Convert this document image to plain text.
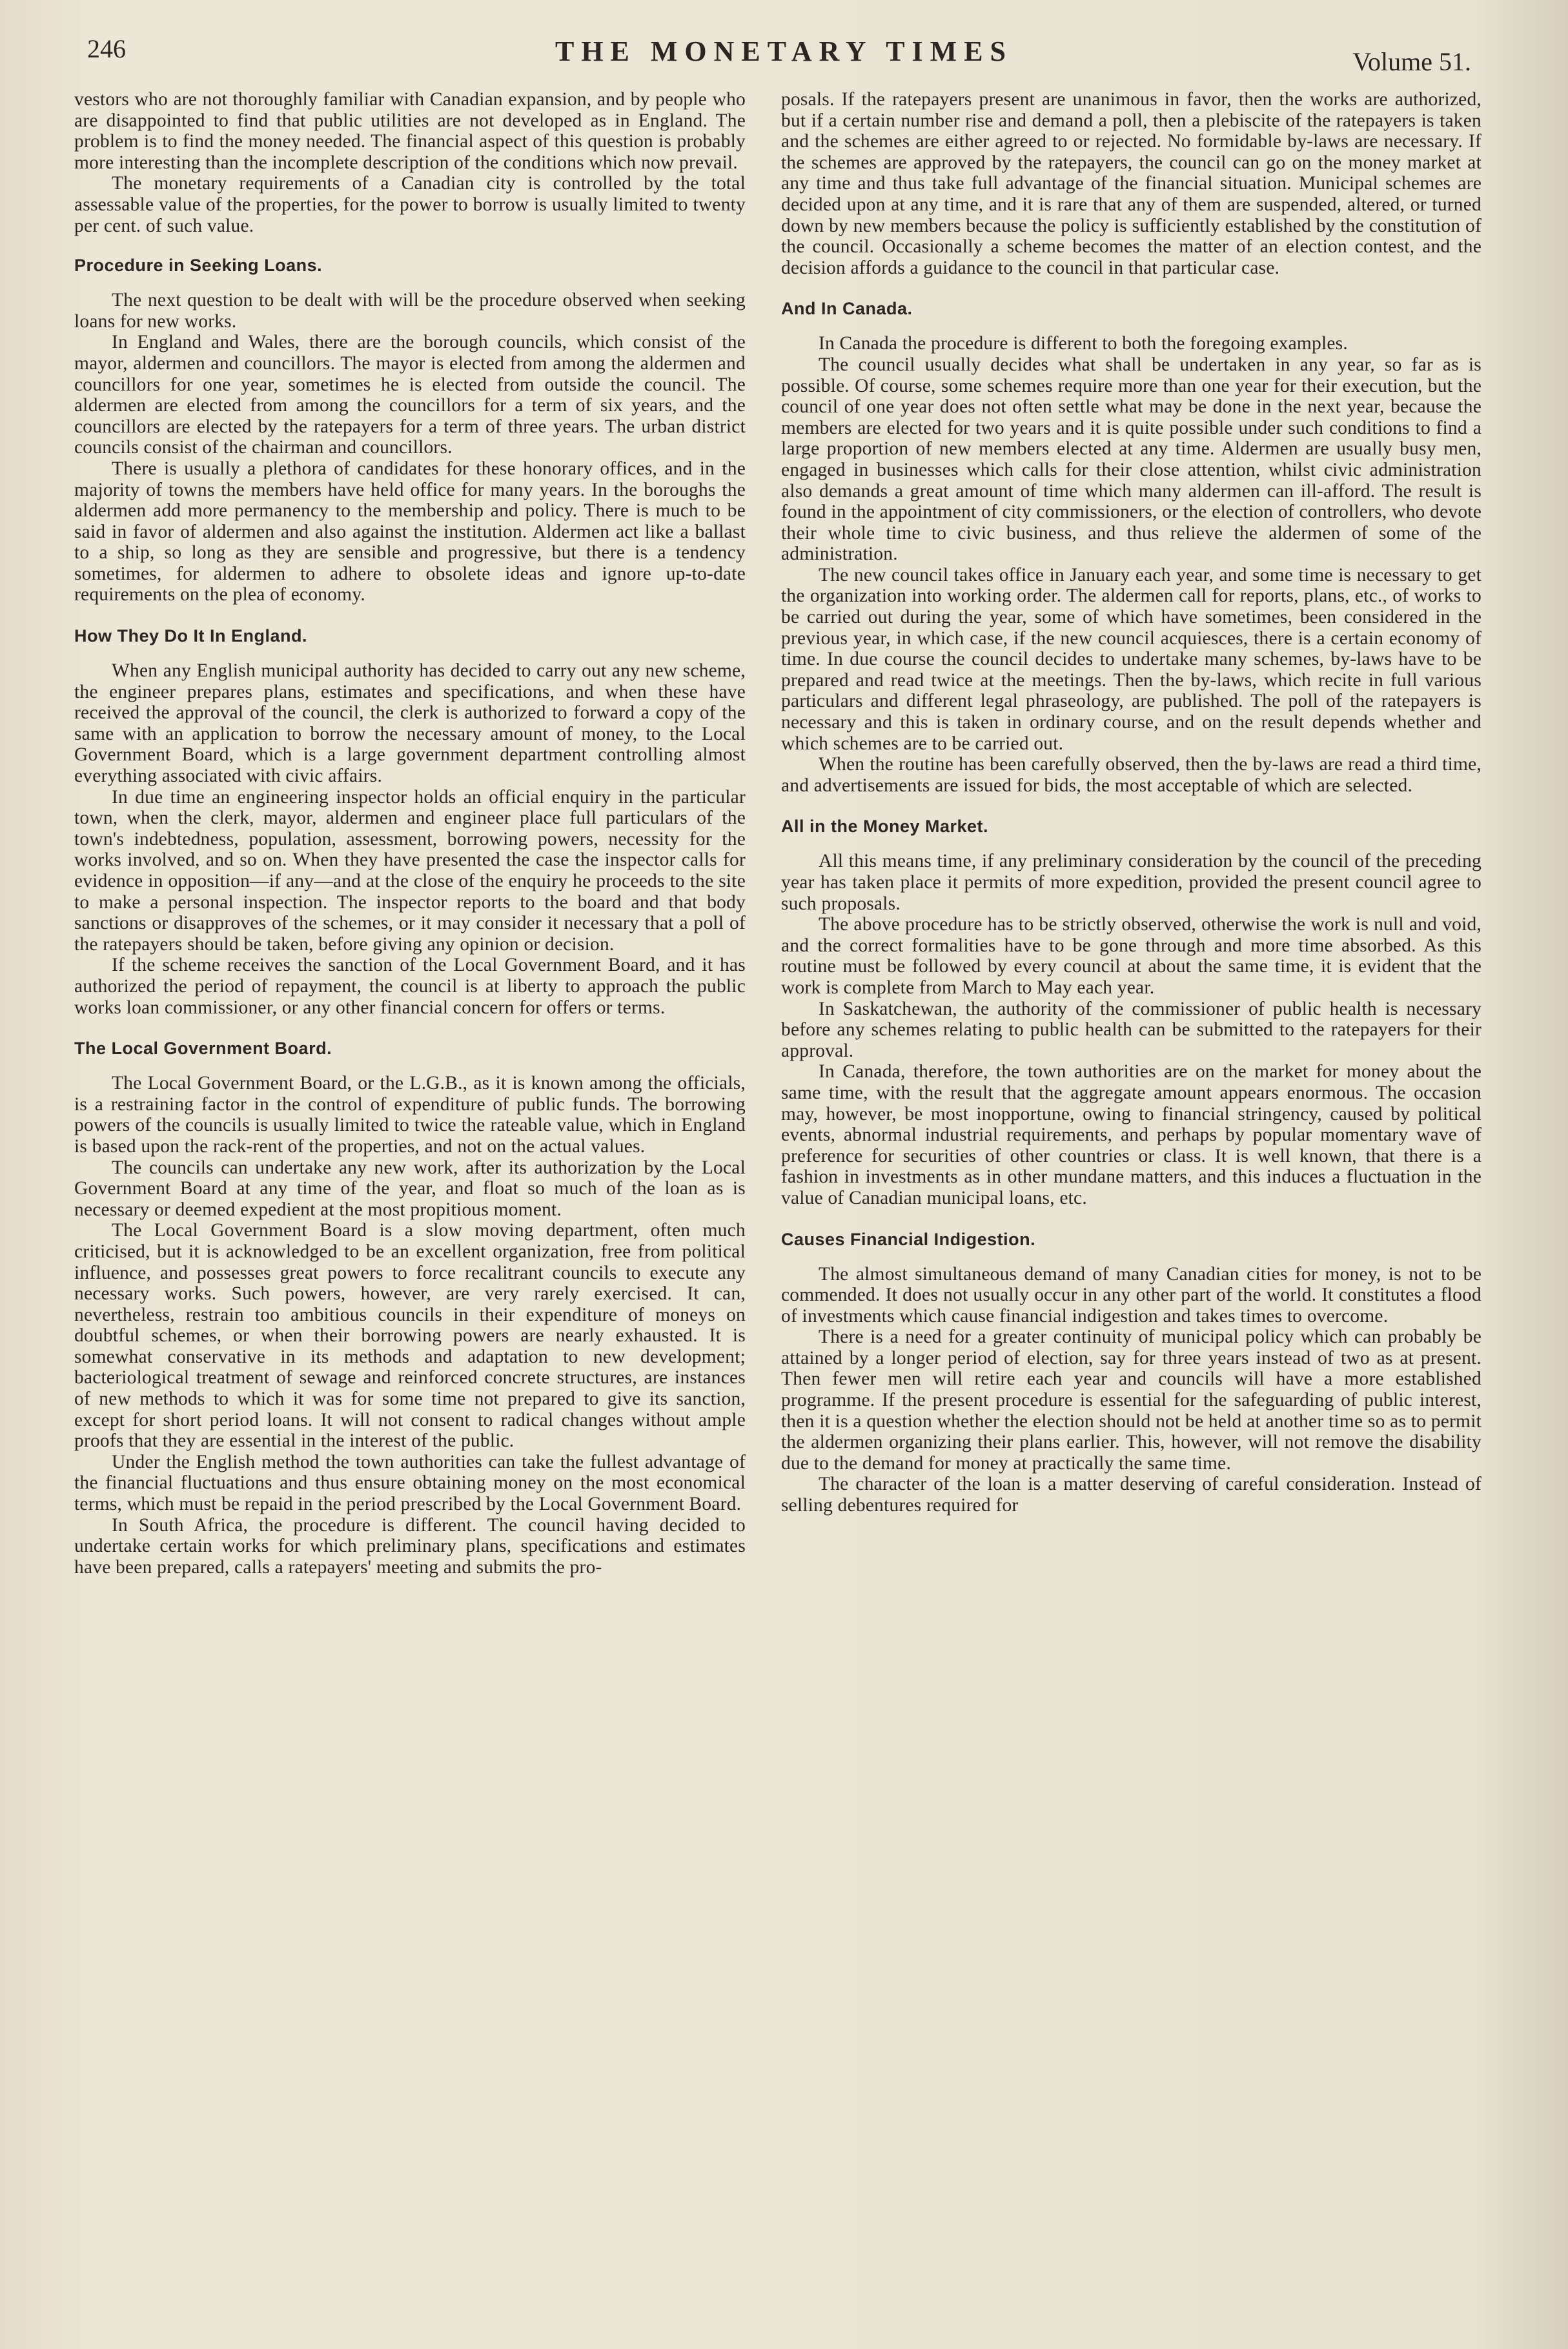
246	THE MONETARY TIMES	Volume 51.

vestors who are not thoroughly familiar with Canadian expansion, and by people who are disappointed to find that public utilities are not developed as in England. The problem is to find the money needed. The financial aspect of this question is probably more interesting than the incomplete description of the conditions which now prevail.

The monetary requirements of a Canadian city is controlled by the total assessable value of the properties, for the power to borrow is usually limited to twenty per cent. of such value.

Procedure in Seeking Loans.

The next question to be dealt with will be the procedure observed when seeking loans for new works.

In England and Wales, there are the borough councils, which consist of the mayor, aldermen and councillors. The mayor is elected from among the aldermen and councillors for one year, sometimes he is elected from outside the council. The aldermen are elected from among the councillors for a term of six years, and the councillors are elected by the ratepayers for a term of three years. The urban district councils consist of the chairman and councillors.

There is usually a plethora of candidates for these honorary offices, and in the majority of towns the members have held office for many years. In the boroughs the aldermen add more permanency to the membership and policy. There is much to be said in favor of aldermen and also against the institution. Aldermen act like a ballast to a ship, so long as they are sensible and progressive, but there is a tendency sometimes, for aldermen to adhere to obsolete ideas and ignore up-to-date requirements on the plea of economy.

How They Do It In England.

When any English municipal authority has decided to carry out any new scheme, the engineer prepares plans, estimates and specifications, and when these have received the approval of the council, the clerk is authorized to forward a copy of the same with an application to borrow the necessary amount of money, to the Local Government Board, which is a large government department controlling almost everything associated with civic affairs.

In due time an engineering inspector holds an official enquiry in the particular town, when the clerk, mayor, aldermen and engineer place full particulars of the town's indebtedness, population, assessment, borrowing powers, necessity for the works involved, and so on. When they have presented the case the inspector calls for evidence in opposition—if any—and at the close of the enquiry he proceeds to the site to make a personal inspection. The inspector reports to the board and that body sanctions or disapproves of the schemes, or it may consider it necessary that a poll of the ratepayers should be taken, before giving any opinion or decision.

If the scheme receives the sanction of the Local Government Board, and it has authorized the period of repayment, the council is at liberty to approach the public works loan commissioner, or any other financial concern for offers or terms.

The Local Government Board.

The Local Government Board, or the L.G.B., as it is known among the officials, is a restraining factor in the control of expenditure of public funds. The borrowing powers of the councils is usually limited to twice the rateable value, which in England is based upon the rack-rent of the properties, and not on the actual values.

The councils can undertake any new work, after its authorization by the Local Government Board at any time of the year, and float so much of the loan as is necessary or deemed expedient at the most propitious moment.

The Local Government Board is a slow moving department, often much criticised, but it is acknowledged to be an excellent organization, free from political influence, and possesses great powers to force recalitrant councils to execute any necessary works. Such powers, however, are very rarely exercised. It can, nevertheless, restrain too ambitious councils in their expenditure of moneys on doubtful schemes, or when their borrowing powers are nearly exhausted. It is somewhat conservative in its methods and adaptation to new development; bacteriological treatment of sewage and reinforced concrete structures, are instances of new methods to which it was for some time not prepared to give its sanction, except for short period loans. It will not consent to radical changes without ample proofs that they are essential in the interest of the public.

Under the English method the town authorities can take the fullest advantage of the financial fluctuations and thus ensure obtaining money on the most economical terms, which must be repaid in the period prescribed by the Local Government Board.

In South Africa, the procedure is different. The council having decided to undertake certain works for which preliminary plans, specifications and estimates have been prepared, calls a ratepayers' meeting and submits the pro-

posals. If the ratepayers present are unanimous in favor, then the works are authorized, but if a certain number rise and demand a poll, then a plebiscite of the ratepayers is taken and the schemes are either agreed to or rejected. No formidable by-laws are necessary. If the schemes are approved by the ratepayers, the council can go on the money market at any time and thus take full advantage of the financial situation. Municipal schemes are decided upon at any time, and it is rare that any of them are suspended, altered, or turned down by new members because the policy is sufficiently established by the constitution of the council. Occasionally a scheme becomes the matter of an election contest, and the decision affords a guidance to the council in that particular case.

And In Canada.

In Canada the procedure is different to both the foregoing examples.

The council usually decides what shall be undertaken in any year, so far as is possible. Of course, some schemes require more than one year for their execution, but the council of one year does not often settle what may be done in the next year, because the members are elected for two years and it is quite possible under such conditions to find a large proportion of new members elected at any time. Aldermen are usually busy men, engaged in businesses which calls for their close attention, whilst civic administration also demands a great amount of time which many aldermen can ill-afford. The result is found in the appointment of city commissioners, or the election of controllers, who devote their whole time to civic business, and thus relieve the aldermen of some of the administration.

The new council takes office in January each year, and some time is necessary to get the organization into working order. The aldermen call for reports, plans, etc., of works to be carried out during the year, some of which have sometimes, been considered in the previous year, in which case, if the new council acquiesces, there is a certain economy of time. In due course the council decides to undertake many schemes, by-laws have to be prepared and read twice at the meetings. Then the by-laws, which recite in full various particulars and different legal phraseology, are published. The poll of the ratepayers is necessary and this is taken in ordinary course, and on the result depends whether and which schemes are to be carried out.

When the routine has been carefully observed, then the by-laws are read a third time, and advertisements are issued for bids, the most acceptable of which are selected.

All in the Money Market.

All this means time, if any preliminary consideration by the council of the preceding year has taken place it permits of more expedition, provided the present council agree to such proposals.

The above procedure has to be strictly observed, otherwise the work is null and void, and the correct formalities have to be gone through and more time absorbed. As this routine must be followed by every council at about the same time, it is evident that the work is complete from March to May each year.

In Saskatchewan, the authority of the commissioner of public health is necessary before any schemes relating to public health can be submitted to the ratepayers for their approval.

In Canada, therefore, the town authorities are on the market for money about the same time, with the result that the aggregate amount appears enormous. The occasion may, however, be most inopportune, owing to financial stringency, caused by political events, abnormal industrial requirements, and perhaps by popular momentary wave of preference for securities of other countries or class. It is well known, that there is a fashion in investments as in other mundane matters, and this induces a fluctuation in the value of Canadian municipal loans, etc.

Causes Financial Indigestion.

The almost simultaneous demand of many Canadian cities for money, is not to be commended. It does not usually occur in any other part of the world. It constitutes a flood of investments which cause financial indigestion and takes times to overcome.

There is a need for a greater continuity of municipal policy which can probably be attained by a longer period of election, say for three years instead of two as at present. Then fewer men will retire each year and councils will have a more established programme. If the present procedure is essential for the safeguarding of public interest, then it is a question whether the election should not be held at another time so as to permit the aldermen organizing their plans earlier. This, however, will not remove the disability due to the demand for money at practically the same time.

The character of the loan is a matter deserving of careful consideration. Instead of selling debentures required for
